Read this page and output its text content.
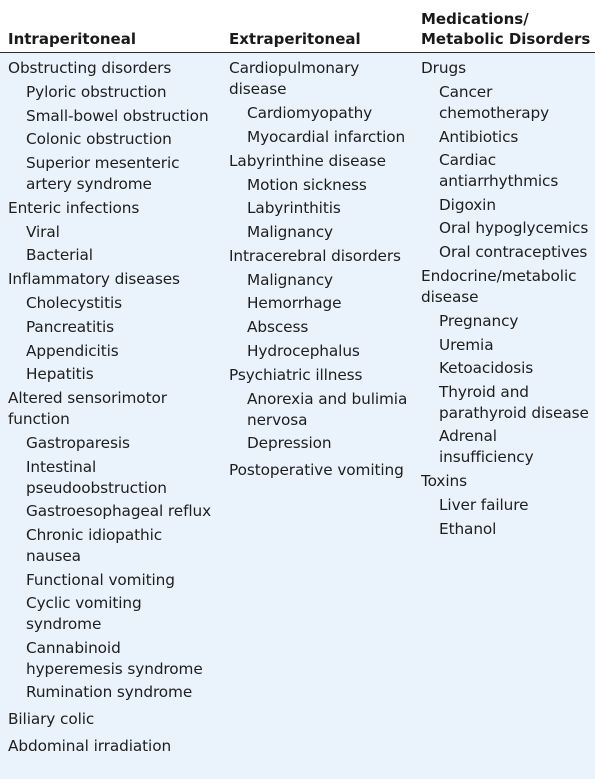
Intraperitoneal	Extraperitoneal
Medications/
Metabolic Disorders
Obstructing disorders
Pyloric obstruction
Small-bowel obstruction
Colonic obstruction
Superior mesenteric
artery syndrome
Enteric infections
Viral
Bacterial
Inflammatory diseases
Cholecystitis
Pancreatitis
Appendicitis
Hepatitis
Altered sensorimotor
function
Gastroparesis
Intestinal
pseudoobstruction
Gastroesophageal reflux
Chronic idiopathic
nausea
Functional vomiting
Cyclic vomiting
syndrome
Cannabinoid
hyperemesis syndrome
Rumination syndrome
Biliary colic
Abdominal irradiation
Cardiopulmonary
disease
Cardiomyopathy
Myocardial infarction
Labyrinthine disease
Motion sickness
Labyrinthitis
Malignancy
Intracerebral disorders
Malignancy
Hemorrhage
Abscess
Hydrocephalus
Psychiatric illness
Anorexia and bulimia
nervosa
Depression
Postoperative vomiting
Drugs
Cancer
chemotherapy
Antibiotics
Cardiac
antiarrhythmics
Digoxin
Oral hypoglycemics
Oral contraceptives
Endocrine/metabolic
disease
Pregnancy
Uremia
Ketoacidosis
Thyroid and
parathyroid disease
Adrenal
insufficiency
Toxins
Liver failure
Ethanol
